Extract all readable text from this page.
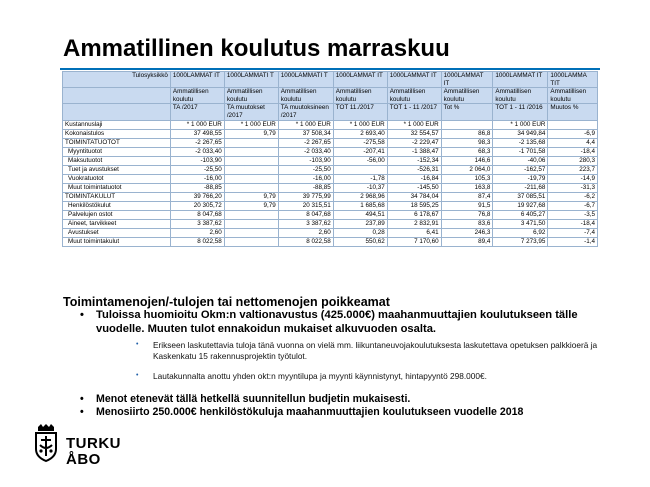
Ammatillinen koulutus marraskuu
Tulosyksikkö	1000LAMMAT IT	1000LAMMATI T	1000LAMMATI T	1000LAMMAT IT	1000LAMMAT IT	1000LAMMAT IT	1000LAMMAT IT	1000LAMMA TIT
	Ammatillisen koulutu	Ammatillisen koulutu	Ammatillisen koulutu	Ammatillisen koulutu	Ammatillisen koulutu	Ammatillisen koulutu	Ammatillisen koulutu	Ammatillisen koulutu
	TA /2017	TA muutokset /2017	TA muutoksineen /2017	TOT 11./2017	TOT 1 - 11 /2017	Tot %	TOT 1 - 11 /2016	Muutos %
Kustannuslaji	* 1 000 EUR	* 1 000 EUR	* 1 000 EUR	* 1 000 EUR	* 1 000 EUR		* 1 000 EUR	
Kokonaistulos	37 498,55	9,79	37 508,34	2 693,40	32 554,57	86,8	34 949,84	-6,9
TOIMINTATUOTOT	-2 267,65		-2 267,65	-275,58	-2 229,47	98,3	-2 135,68	4,4
Myyntituotot	-2 033,40		-2 033,40	-207,41	-1 388,47	68,3	-1 701,58	-18,4
Maksutuotot	-103,90		-103,90	-56,00	-152,34	146,6	-40,06	280,3
Tuet ja avustukset	-25,50		-25,50		-526,31	2 064,0	-162,57	223,7
Vuokratuotot	-16,00		-16,00	-1,78	-16,84	105,3	-19,79	-14,9
Muut toimintatuotot	-88,85		-88,85	-10,37	-145,50	163,8	-211,68	-31,3
TOIMINTAKULUT	39 766,20	9,79	39 775,99	2 968,96	34 784,04	87,4	37 085,51	-6,2
Henkilöstökulut	20 305,72	9,79	20 315,51	1 685,68	18 595,25	91,5	19 927,68	-6,7
Palvelujen ostot	8 047,68		8 047,68	494,51	6 178,67	76,8	6 405,27	-3,5
Aineet, tarvikkeet	3 387,62		3 387,62	237,89	2 832,91	83,6	3 471,50	-18,4
Avustukset	2,60		2,60	0,28	6,41	246,3	6,92	-7,4
Muut toimintakulut	8 022,58		8 022,58	550,62	7 170,60	89,4	7 273,95	-1,4
Toimintamenojen/-tulojen tai nettomenojen poikkeamat
• Tuloissa huomioitu Okm:n valtionavustus (425.000€) maahanmuuttajien koulutukseen tälle vuodelle. Muuten tulot ennakoidun mukaiset alkuvuoden osalta.
• Erikseen laskutettavia tuloja tänä vuonna on vielä mm. liikuntaneuvojakoulutuksesta laskutettava opetuksen palkkioerä ja Kaskenkatu 15 rakennusprojektin työtulot.
• Lautakunnalta anottu yhden okt:n myyntilupa ja myynti käynnistynyt, hintapyyntö 298.000€.
• Menot etenevät tällä hetkellä suunnitellun budjetin mukaisesti.
• Menosiirto 250.000€ henkilöstökuluja maahanmuuttajien koulutukseen vuodelle 2018
TURKU
ÅBO
